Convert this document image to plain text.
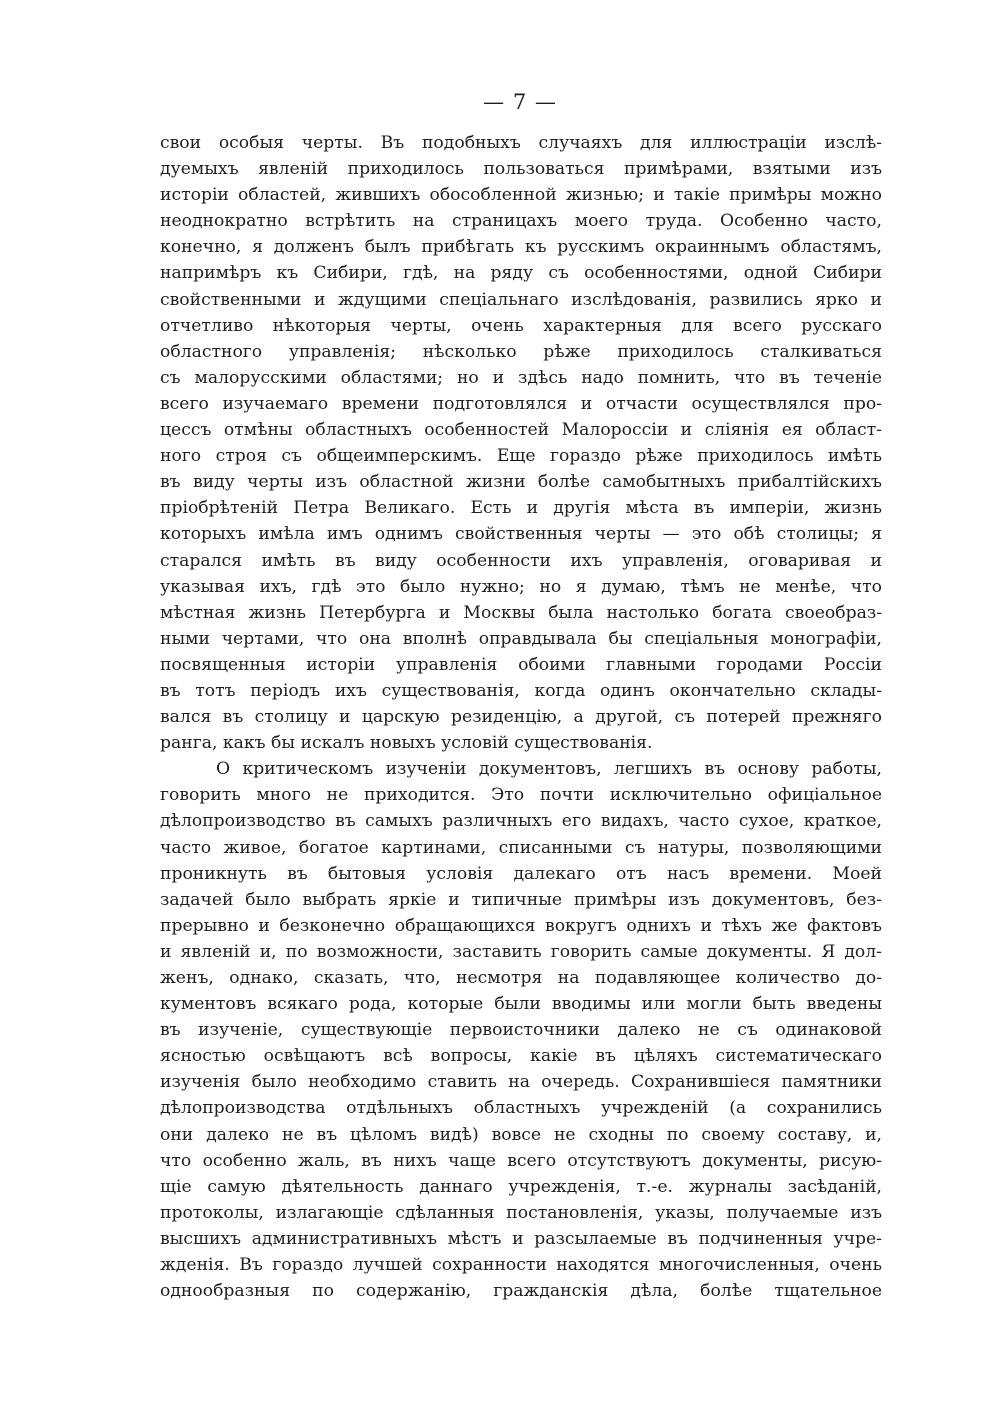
— 7 —
свои особыя черты. Въ подобныхъ случаяхъ для иллюстраціи изслѣ-
дуемыхъ явленій приходилось пользоваться примѣрами, взятыми изъ
исторіи областей, жившихъ обособленной жизнью; и такіе примѣры можно
неоднократно встрѣтить на страницахъ моего труда. Особенно часто,
конечно, я долженъ былъ прибѣгать къ русскимъ окраиннымъ областямъ,
напримѣръ къ Сибири, гдѣ, на ряду съ особенностями, одной Сибири
свойственными и ждущими спеціальнаго изслѣдованія, развились ярко и
отчетливо нѣкоторыя черты, очень характерныя для всего русскаго
областного управленія; нѣсколько рѣже приходилось сталкиваться
съ малорусскими областями; но и здѣсь надо помнить, что въ теченіе
всего изучаемаго времени подготовлялся и отчасти осуществлялся про-
цессъ отмѣны областныхъ особенностей Малороссіи и сліянія ея област-
ного строя съ общеимперскимъ. Еще гораздо рѣже приходилось имѣть
въ виду черты изъ областной жизни болѣе самобытныхъ прибалтійскихъ
пріобрѣтеній Петра Великаго. Есть и другія мѣста въ имперіи, жизнь
которыхъ имѣла имъ однимъ свойственныя черты — это обѣ столицы; я
старался имѣть въ виду особенности ихъ управленія, оговаривая и
указывая ихъ, гдѣ это было нужно; но я думаю, тѣмъ не менѣе, что
мѣстная жизнь Петербурга и Москвы была настолько богата своеобраз-
ными чертами, что она вполнѣ оправдывала бы спеціальныя монографіи,
посвященныя исторіи управленія обоими главными городами Россіи
въ тотъ періодъ ихъ существованія, когда одинъ окончательно склады-
вался въ столицу и царскую резиденцію, а другой, съ потерей прежняго
ранга, какъ бы искалъ новыхъ условій существованія.
О критическомъ изученіи документовъ, легшихъ въ основу работы,
говорить много не приходится. Это почти исключительно офиціальное
дѣлопроизводство въ самыхъ различныхъ его видахъ, часто сухое, краткое,
часто живое, богатое картинами, списанными съ натуры, позволяющими
проникнуть въ бытовыя условія далекаго отъ насъ времени. Моей
задачей было выбрать яркіе и типичные примѣры изъ документовъ, без-
прерывно и безконечно обращающихся вокругъ однихъ и тѣхъ же фактовъ
и явленій и, по возможности, заставить говорить самые документы. Я дол-
женъ, однако, сказать, что, несмотря на подавляющее количество до-
кументовъ всякаго рода, которые были вводимы или могли быть введены
въ изученіе, существующіе первоисточники далеко не съ одинаковой
ясностью освѣщаютъ всѣ вопросы, какіе въ цѣляхъ систематическаго
изученія было необходимо ставить на очередь. Сохранившіеся памятники
дѣлопроизводства отдѣльныхъ областныхъ учрежденій (а сохранились
они далеко не въ цѣломъ видѣ) вовсе не сходны по своему составу, и,
что особенно жаль, въ нихъ чаще всего отсутствуютъ документы, рисую-
щіе самую дѣятельность даннаго учрежденія, т.-е. журналы засѣданій,
протоколы, излагающіе сдѣланныя постановленія, указы, получаемые изъ
высшихъ административныхъ мѣстъ и разсылаемые въ подчиненныя учре-
жденія. Въ гораздо лучшей сохранности находятся многочисленныя, очень
однообразныя по содержанію, гражданскія дѣла, болѣе тщательное
